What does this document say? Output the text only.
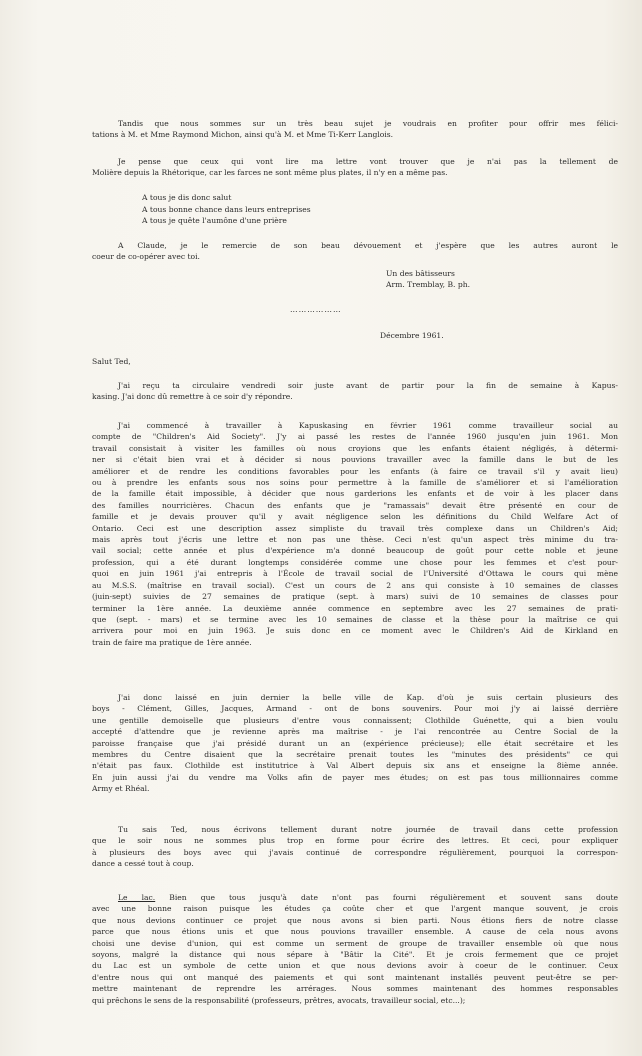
Tandis que nous sommes sur un très beau sujet je voudrais en profiter pour offrir mes félici-
tations à M. et Mme Raymond Michon, ainsi qu'à M. et Mme Ti-Kerr Langlois.
Je pense que ceux qui vont lire ma lettre vont trouver que je n'ai pas la tellement de
Molière depuis la Rhétorique, car les farces ne sont même plus plates, il n'y en a même pas.
A tous je dis donc salut
A tous bonne chance dans leurs entreprises
A tous je quête l'aumône d'une prière
A Claude, je le remercie de son beau dévouement et j'espère que les autres auront le
coeur de co-opérer avec toi.
Un des bâtisseurs
Arm. Tremblay, B. ph.
………………
Décembre 1961.
Salut Ted,
J'ai reçu ta circulaire vendredi soir juste avant de partir pour la fin de semaine à Kapus-
kasing. J'ai donc dû remettre à ce soir d'y répondre.
J'ai commencé à travailler à Kapuskasing en février 1961 comme travailleur social au
compte de "Children's Aid Society". J'y ai passé les restes de l'année 1960 jusqu'en juin 1961. Mon
travail consistait à visiter les familles où nous croyions que les enfants étaient négligés, à détermi-
ner si c'était bien vrai et à décider si nous pouvions travailler avec la famille dans le but de les
améliorer et de rendre les conditions favorables pour les enfants (à faire ce travail s'il y avait lieu)
ou à prendre les enfants sous nos soins pour permettre à la famille de s'améliorer et si l'amélioration
de la famille était impossible, à décider que nous garderions les enfants et de voir à les placer dans
des familles nourricières. Chacun des enfants que je "ramassais" devait être présenté en cour de
famille et je devais prouver qu'il y avait négligence selon les définitions du Child Welfare Act of
Ontario. Ceci est une description assez simpliste du travail très complexe dans un Children's Aid;
mais après tout j'écris une lettre et non pas une thèse. Ceci n'est qu'un aspect très minime du tra-
vail social; cette année et plus d'expérience m'a donné beaucoup de goût pour cette noble et jeune
profession, qui a été durant longtemps considérée comme une chose pour les femmes et c'est pour-
quoi en juin 1961 j'ai entrepris à l'École de travail social de l'Université d'Ottawa le cours qui mène
au M.S.S. (maîtrise en travail social). C'est un cours de 2 ans qui consiste à 10 semaines de classes
(juin-sept) suivies de 27 semaines de pratique (sept. à mars) suivi de 10 semaines de classes pour
terminer la 1ère année. La deuxième année commence en septembre avec les 27 semaines de prati-
que (sept. - mars) et se termine avec les 10 semaines de classe et la thèse pour la maîtrise ce qui
arrivera pour moi en juin 1963. Je suis donc en ce moment avec le Children's Aid de Kirkland en
train de faire ma pratique de 1ère année.
J'ai donc laissé en juin dernier la belle ville de Kap. d'où je suis certain plusieurs des
boys - Clément, Gilles, Jacques, Armand - ont de bons souvenirs. Pour moi j'y ai laissé derrière
une gentille demoiselle que plusieurs d'entre vous connaissent; Clothilde Guénette, qui a bien voulu
accepté d'attendre que je revienne après ma maîtrise - je l'ai rencontrée au Centre Social de la
paroisse française que j'ai présidé durant un an (expérience précieuse); elle était secrétaire et les
membres du Centre disaient que la secrétaire prenait toutes les "minutes des présidents" ce qui
n'était pas faux. Clothilde est institutrice à Val Albert depuis six ans et enseigne la 8ième année.
En juin aussi j'ai du vendre ma Volks afin de payer mes études; on est pas tous millionnaires comme
Army et Rhéal.
Tu sais Ted, nous écrivons tellement durant notre journée de travail dans cette profession
que le soir nous ne sommes plus trop en forme pour écrire des lettres. Et ceci, pour expliquer
à plusieurs des boys avec qui j'avais continué de correspondre régulièrement, pourquoi la correspon-
dance a cessé tout à coup.
Le lac. Bien que tous jusqu'à date n'ont pas fourni régulièrement et souvent sans doute
avec une bonne raison puisque les études ça coûte cher et que l'argent manque souvent, je crois
que nous devions continuer ce projet que nous avons si bien parti. Nous étions fiers de notre classe
parce que nous étions unis et que nous pouvions travailler ensemble. A cause de cela nous avons
choisi une devise d'union, qui est comme un serment de groupe de travailler ensemble où que nous
soyons, malgré la distance qui nous sépare à "Bâtir la Cité". Et je crois fermement que ce projet
du Lac est un symbole de cette union et que nous devions avoir à coeur de le continuer. Ceux
d'entre nous qui ont manqué des paiements et qui sont maintenant installés peuvent peut-être se per-
mettre maintenant de reprendre les arrérages. Nous sommes maintenant des hommes responsables
qui prêchons le sens de la responsabilité (professeurs, prêtres, avocats, travailleur social, etc...);
